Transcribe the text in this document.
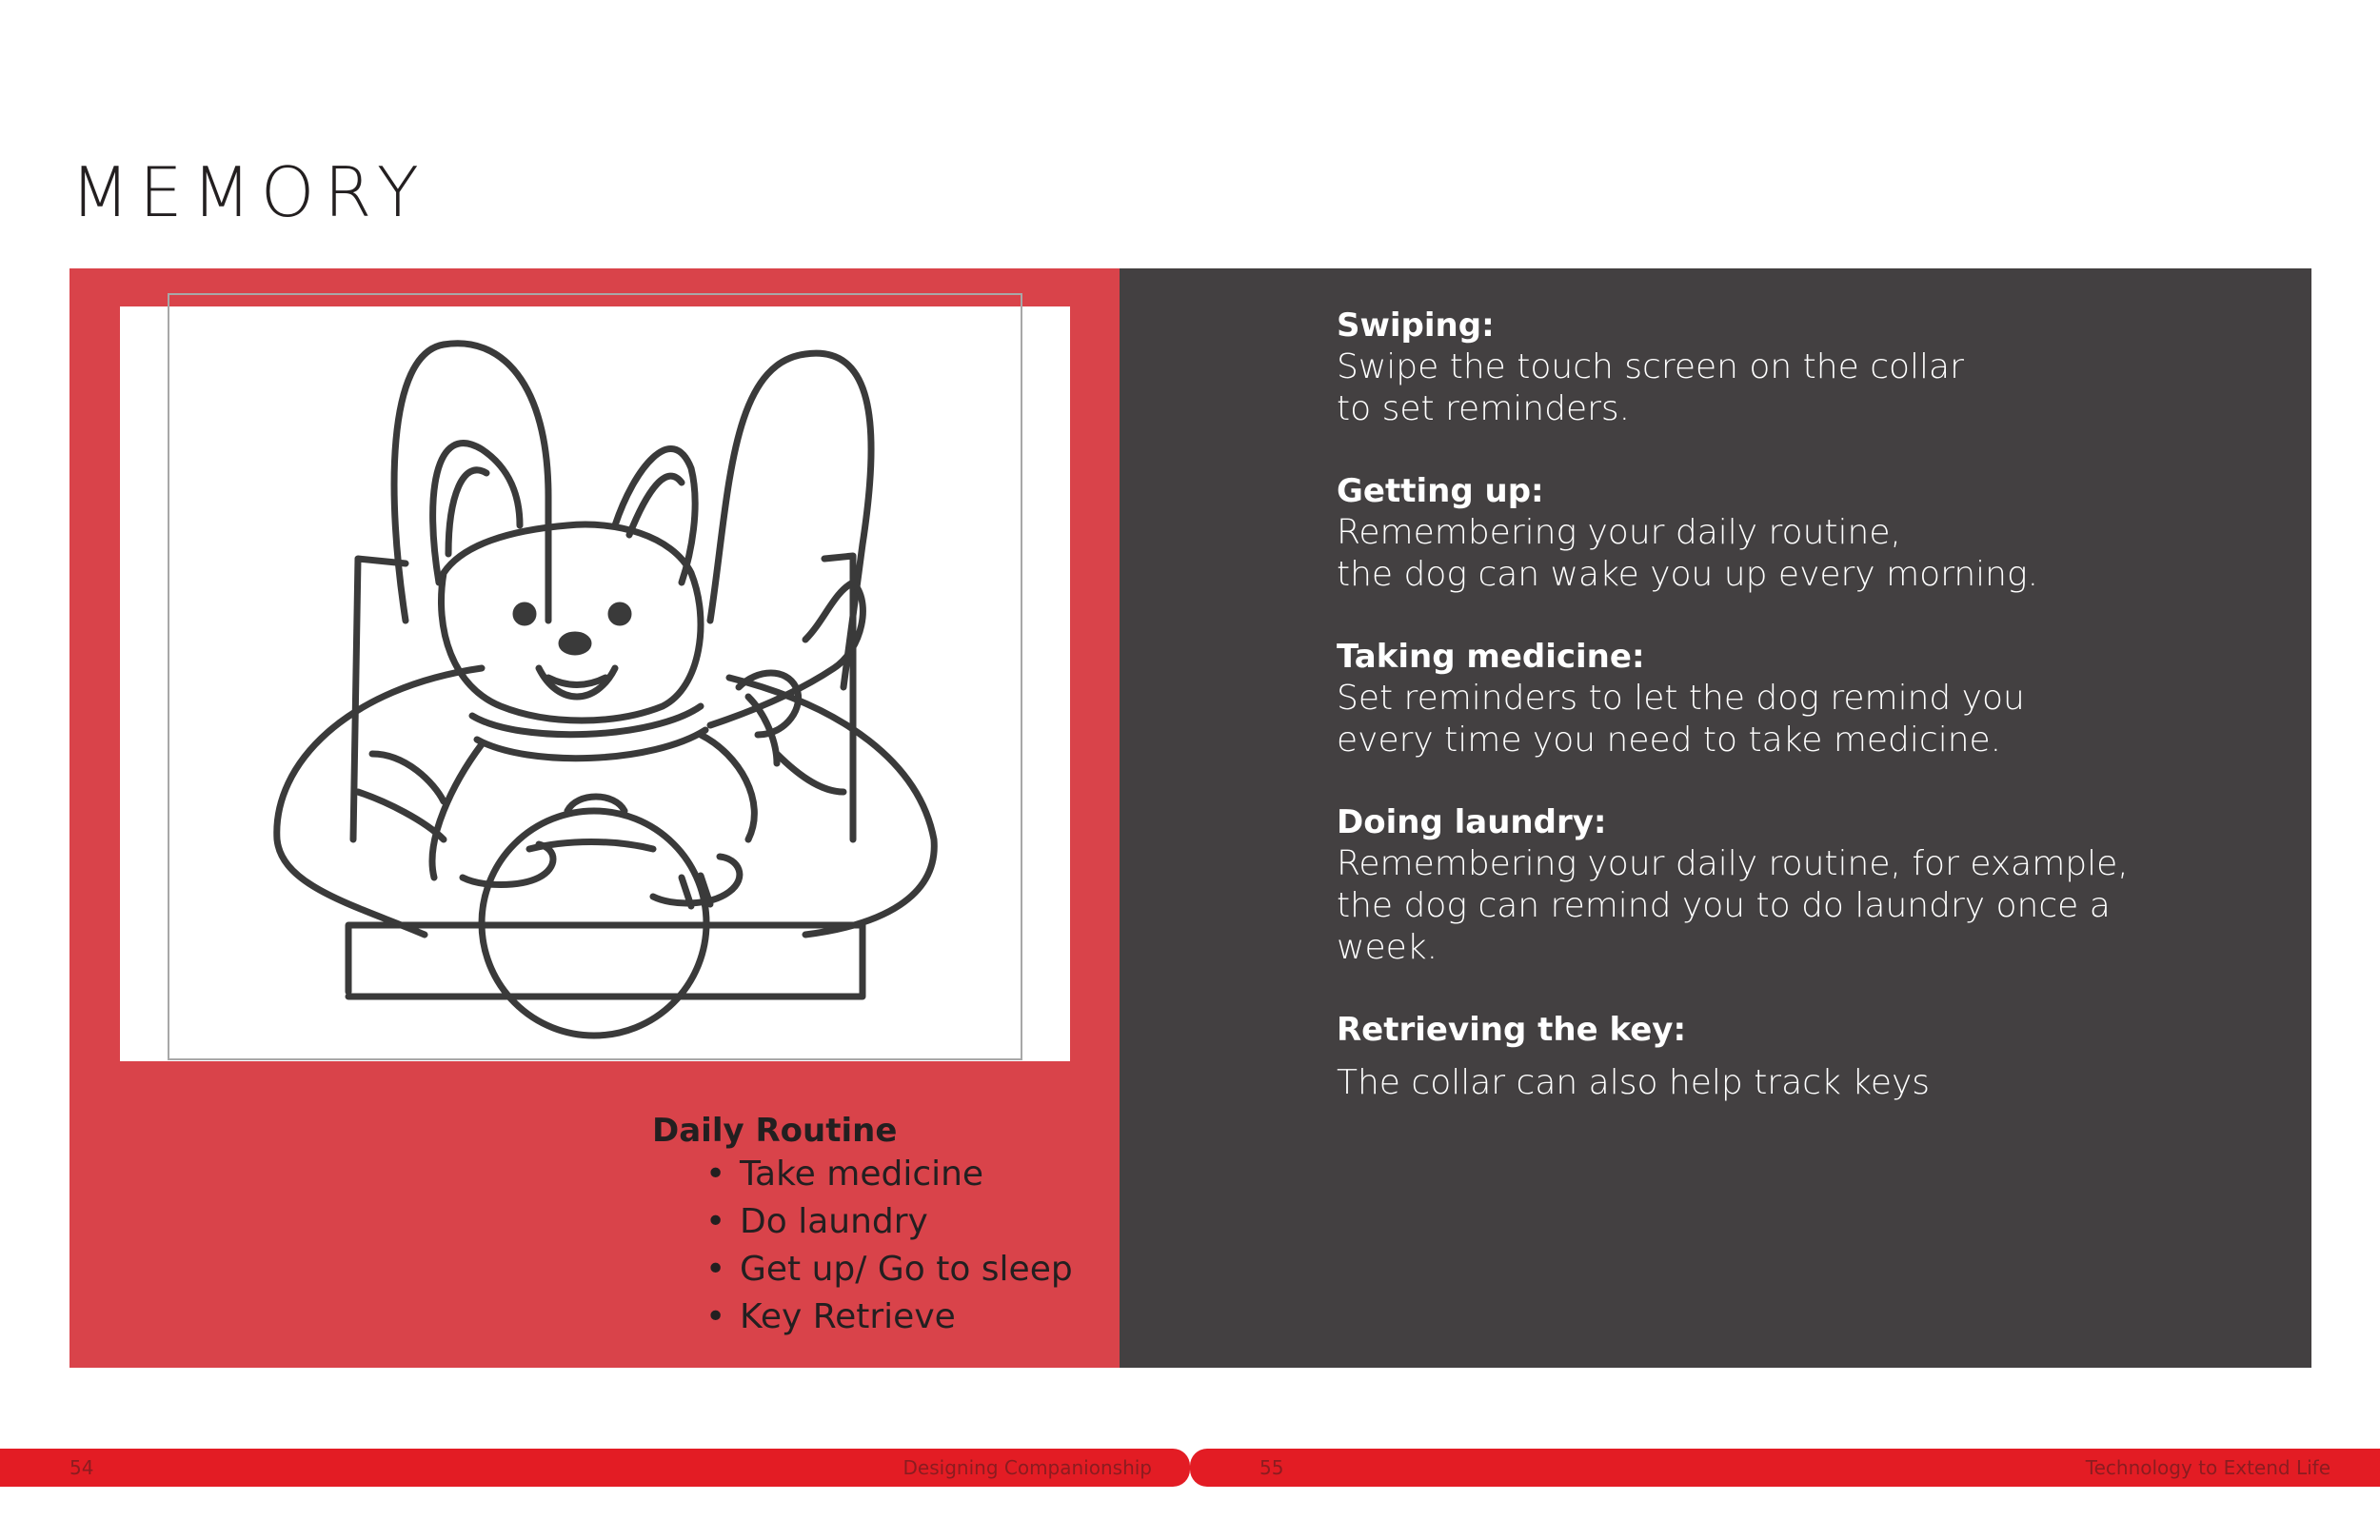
MEMORY
Daily Routine
• Take medicine
• Do laundry
• Get up/ Go to sleep
• Key Retrieve

Swiping:

Swipe the touch screen on the collar
to set reminders.

Getting up:

Remembering your daily routine,
the dog can wake you up every morning.

Taking medicine:

Set reminders to let the dog remind you
every time you need to take medicine.

Doing laundry:

Remembering your daily routine, for example,
the dog can remind you to do laundry once a
week.

Retrieving the key:

The collar can also help track keys

54	Designing Companionship	55	Technology to Extend Life
